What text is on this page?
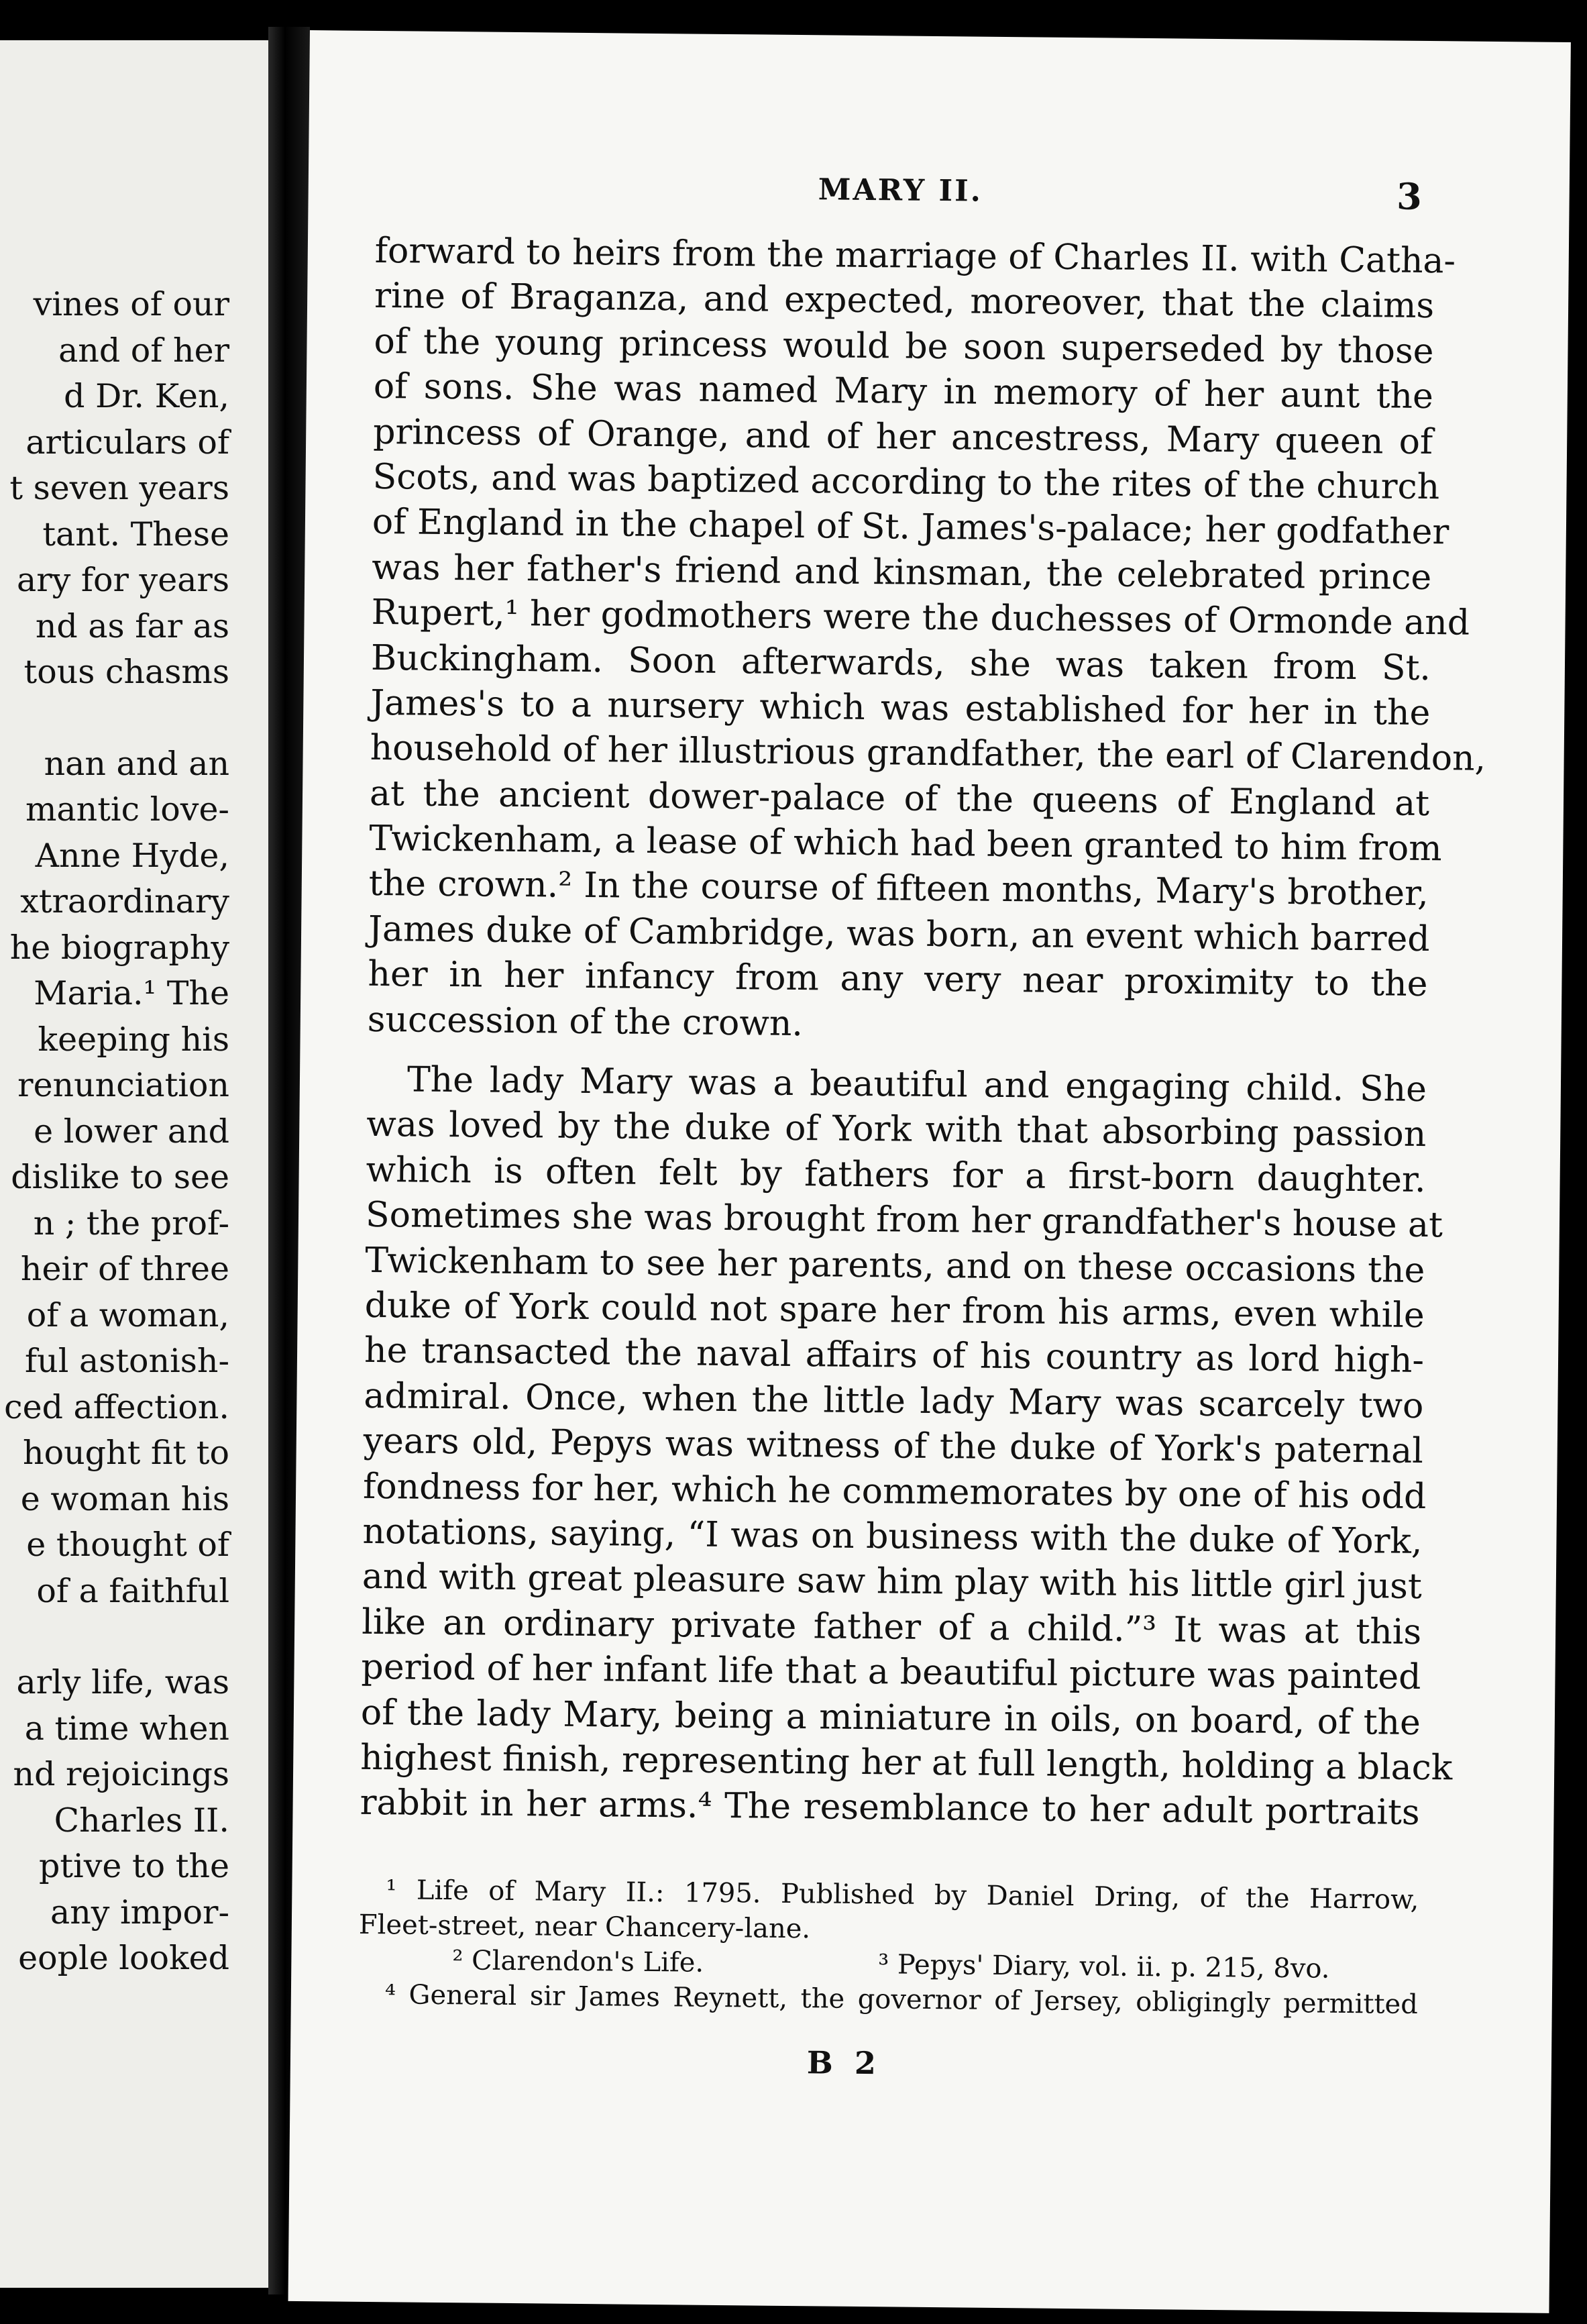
vines of our
and of her
d Dr. Ken,
articulars of
t seven years
tant. These
ary for years
nd as far as
tous chasms
nan and an
mantic love-
Anne Hyde,
xtraordinary
he biography
Maria.¹ The
keeping his
renunciation
e lower and
dislike to see
n ; the prof-
heir of three
of a woman,
ful astonish-
ced affection.
hought fit to
e woman his
e thought of
of a faithful
arly life, was
a time when
nd rejoicings
Charles II.
ptive to the
any impor-
eople looked
MARY II.	3
forward to heirs from the marriage of Charles II. with Catha-
rine of Braganza, and expected, moreover, that the claims
of the young princess would be soon superseded by those
of sons. She was named Mary in memory of her aunt the
princess of Orange, and of her ancestress, Mary queen of
Scots, and was baptized according to the rites of the church
of England in the chapel of St. James's-palace; her godfather
was her father's friend and kinsman, the celebrated prince
Rupert,¹ her godmothers were the duchesses of Ormonde and
Buckingham. Soon afterwards, she was taken from St.
James's to a nursery which was established for her in the
household of her illustrious grandfather, the earl of Clarendon,
at the ancient dower-palace of the queens of England at
Twickenham, a lease of which had been granted to him from
the crown.² In the course of fifteen months, Mary's brother,
James duke of Cambridge, was born, an event which barred
her in her infancy from any very near proximity to the
succession of the crown.
The lady Mary was a beautiful and engaging child. She
was loved by the duke of York with that absorbing passion
which is often felt by fathers for a first-born daughter.
Sometimes she was brought from her grandfather's house at
Twickenham to see her parents, and on these occasions the
duke of York could not spare her from his arms, even while
he transacted the naval affairs of his country as lord high-
admiral. Once, when the little lady Mary was scarcely two
years old, Pepys was witness of the duke of York's paternal
fondness for her, which he commemorates by one of his odd
notations, saying, “I was on business with the duke of York,
and with great pleasure saw him play with his little girl just
like an ordinary private father of a child.”³ It was at this
period of her infant life that a beautiful picture was painted
of the lady Mary, being a miniature in oils, on board, of the
highest finish, representing her at full length, holding a black
rabbit in her arms.⁴ The resemblance to her adult portraits
¹ Life of Mary II.: 1795. Published by Daniel Dring, of the Harrow,
Fleet-street, near Chancery-lane.
² Clarendon's Life.	³ Pepys' Diary, vol. ii. p. 215, 8vo.
⁴ General sir James Reynett, the governor of Jersey, obligingly permitted
B 2
